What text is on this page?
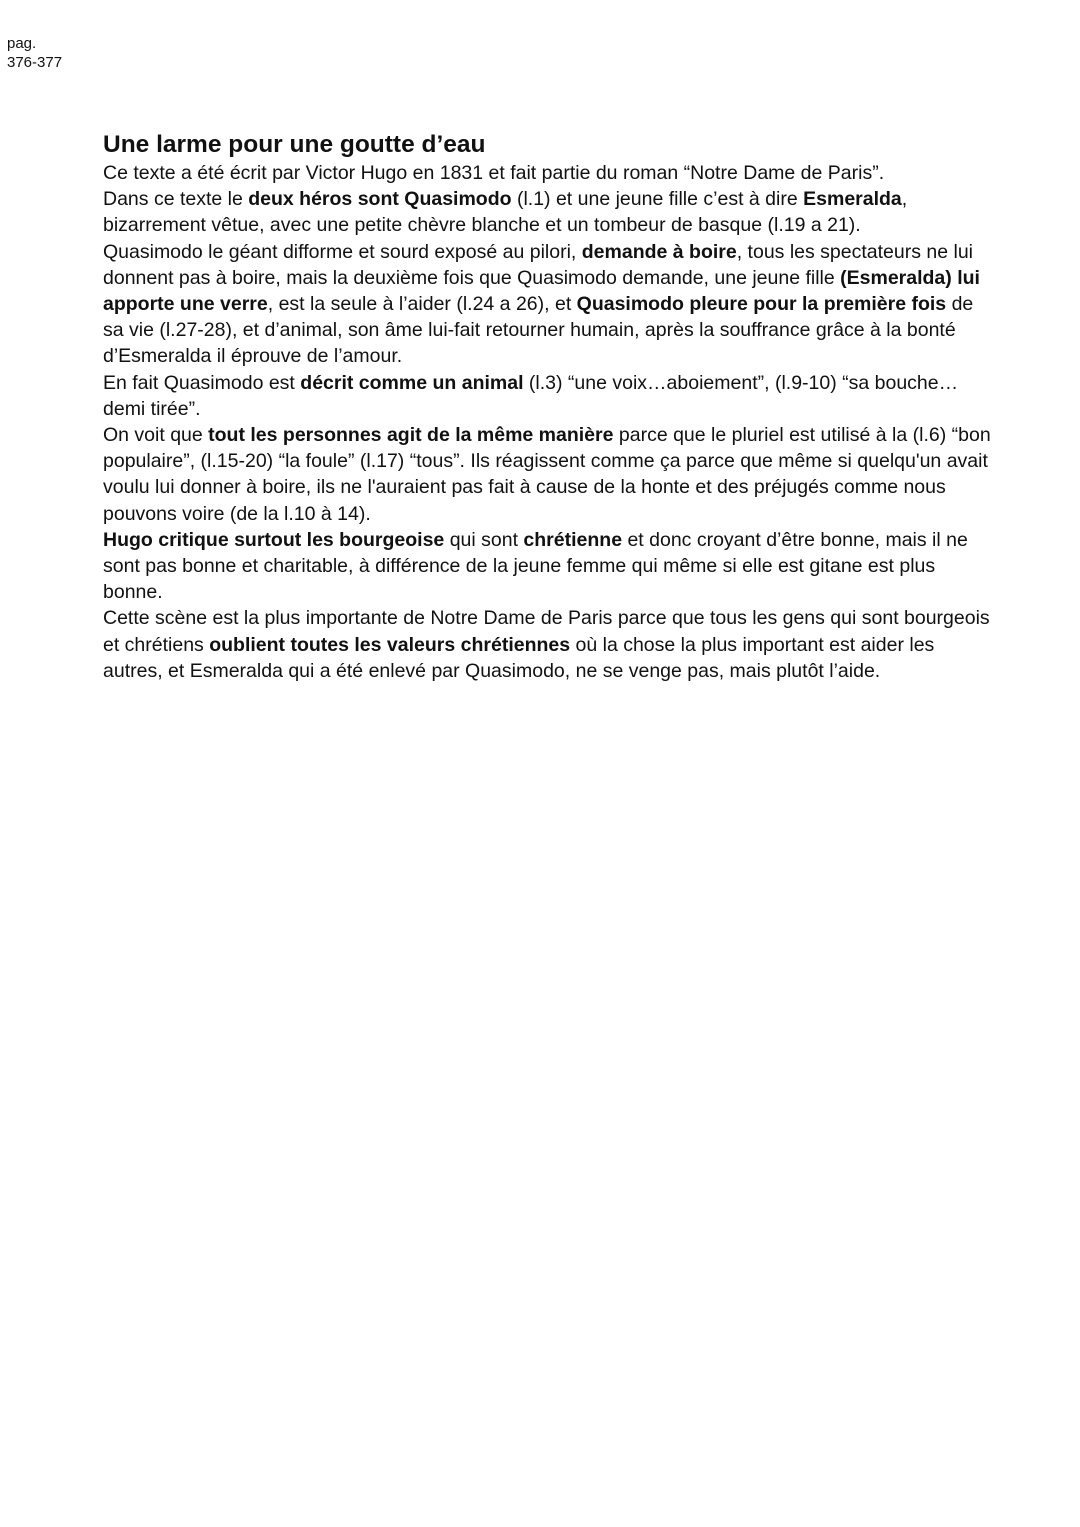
pag.
376-377
Une larme pour une goutte d’eau

Ce texte a été écrit par Victor Hugo en 1831 et fait partie du roman “Notre Dame de Paris”.

Dans ce texte le deux héros sont Quasimodo (l.1) et une jeune fille c’est à dire Esmeralda, bizarrement vêtue, avec une petite chèvre blanche et un tombeur de basque (l.19 a 21).

Quasimodo le géant difforme et sourd exposé au pilori, demande à boire, tous les spectateurs ne lui donnent pas à boire, mais la deuxième fois que Quasimodo demande, une jeune fille (Esmeralda) lui apporte une verre, est la seule à l’aider (l.24 a 26), et Quasimodo pleure pour la première fois de sa vie (l.27-28), et d’animal, son âme lui-fait retourner humain, après la souffrance grâce à la bonté d’Esmeralda il éprouve de l’amour.

En fait Quasimodo est décrit comme un animal (l.3) “une voix…aboiement”, (l.9-10) “sa bouche…demi tirée”.

On voit que tout les personnes agit de la même manière parce que le pluriel est utilisé à la (l.6) “bon populaire”, (l.15-20) “la foule” (l.17) “tous”. Ils réagissent comme ça parce que même si quelqu'un avait voulu lui donner à boire, ils ne l'auraient pas fait à cause de la honte et des préjugés comme nous pouvons voire (de la l.10 à 14).

Hugo critique surtout les bourgeoise qui sont chrétienne et donc croyant d’être bonne, mais il ne sont pas bonne et charitable, à différence de la jeune femme qui même si elle est gitane est plus bonne.

Cette scène est la plus importante de Notre Dame de Paris parce que tous les gens qui sont bourgeois et chrétiens oublient toutes les valeurs chrétiennes où la chose la plus important est aider les autres, et Esmeralda qui a été enlevé par Quasimodo, ne se venge pas, mais plutôt l’aide.
